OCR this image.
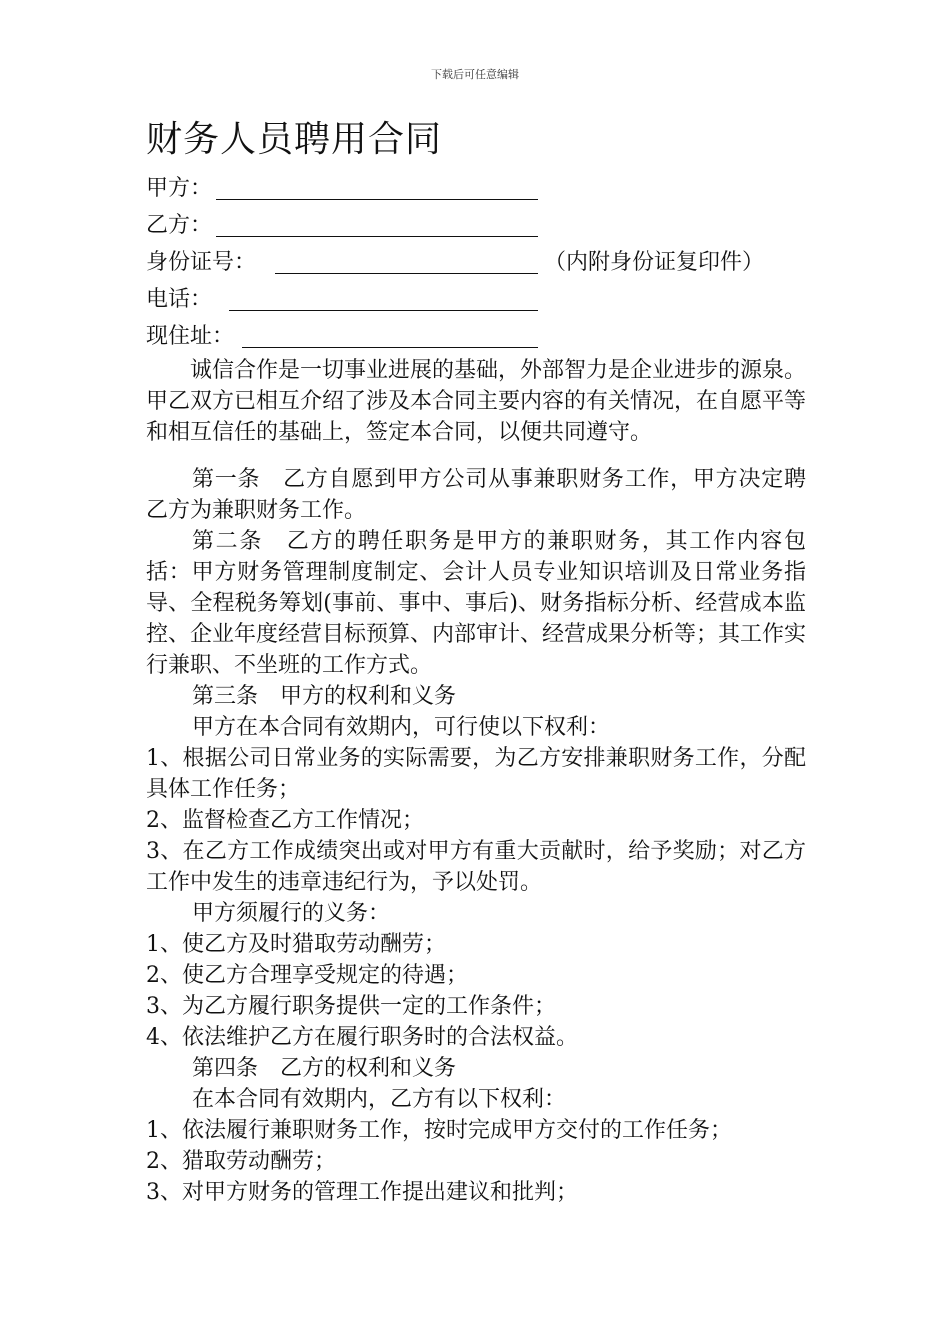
下载后可任意编辑
财务人员聘用合同
甲方：
乙方：
身份证号：	（内附身份证复印件）
电话：
现住址：

诚信合作是一切事业进展的基础，外部智力是企业进步的源泉。甲乙双方已相互介绍了涉及本合同主要内容的有关情况，在自愿平等和相互信任的基础上，签定本合同，以便共同遵守。

第一条　乙方自愿到甲方公司从事兼职财务工作，甲方决定聘乙方为兼职财务工作。

第二条　乙方的聘任职务是甲方的兼职财务，其工作内容包括：甲方财务管理制度制定、会计人员专业知识培训及日常业务指导、全程税务筹划(事前、事中、事后)、财务指标分析、经营成本监控、企业年度经营目标预算、内部审计、经营成果分析等；其工作实行兼职、不坐班的工作方式。

第三条　甲方的权利和义务

甲方在本合同有效期内，可行使以下权利：

1、根据公司日常业务的实际需要，为乙方安排兼职财务工作，分配具体工作任务；

2、监督检查乙方工作情况；

3、在乙方工作成绩突出或对甲方有重大贡献时，给予奖励；对乙方工作中发生的违章违纪行为，予以处罚。

甲方须履行的义务：

1、使乙方及时猎取劳动酬劳；

2、使乙方合理享受规定的待遇；

3、为乙方履行职务提供一定的工作条件；

4、依法维护乙方在履行职务时的合法权益。

第四条　乙方的权利和义务

在本合同有效期内，乙方有以下权利：

1、依法履行兼职财务工作，按时完成甲方交付的工作任务；

2、猎取劳动酬劳；

3、对甲方财务的管理工作提出建议和批判；
